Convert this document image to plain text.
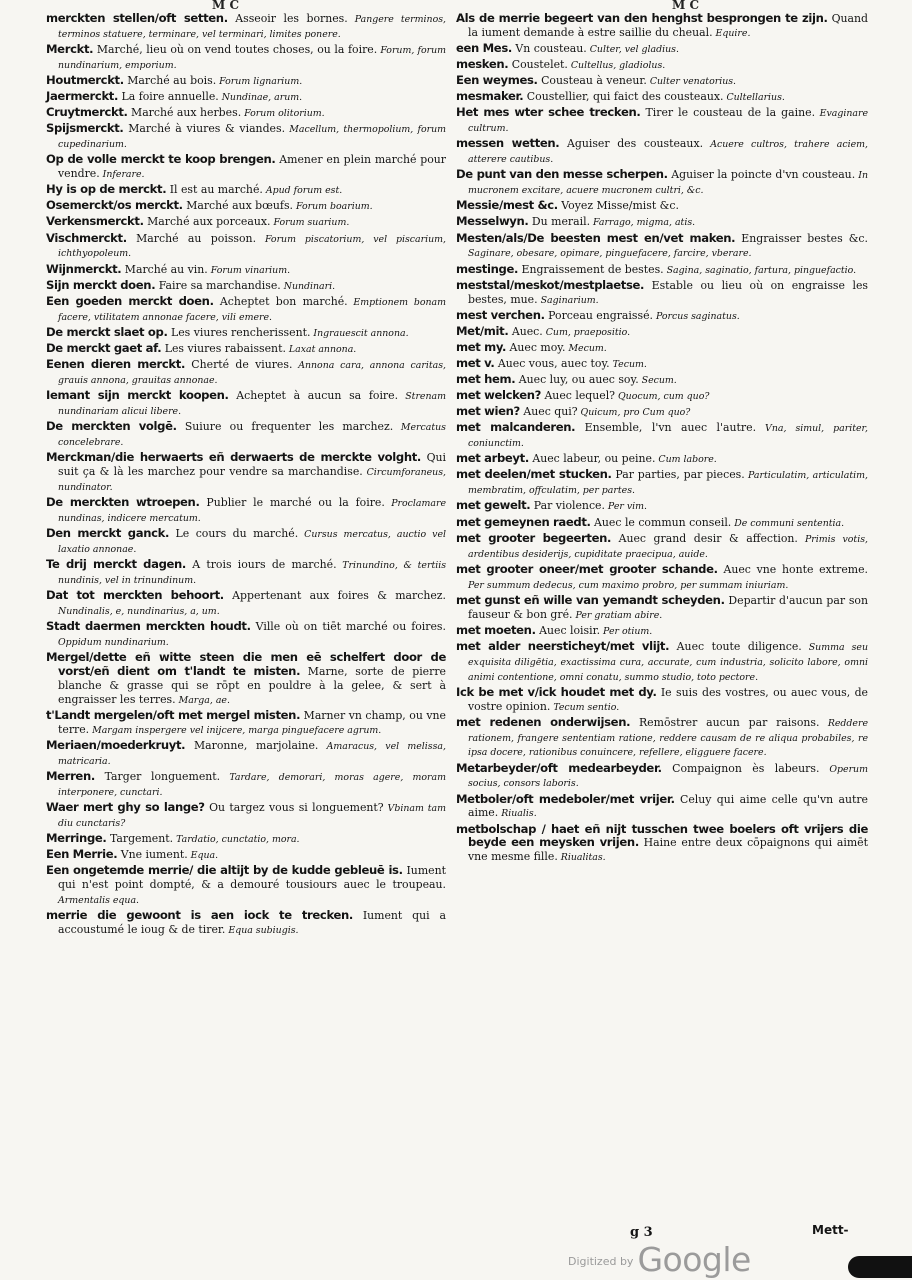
M C	M C

merckten stellen/oft setten. Asseoir les bornes. Pangere terminos, terminos statuere, terminare, vel terminari, limites ponere.

Merckt. Marché, lieu où on vend toutes choses, ou la foire. Forum, forum nundinarium, emporium.

Houtmerckt. Marché au bois. Forum lignarium.

Jaermerckt. La foire annuelle. Nundinae, arum.

Cruytmerckt. Marché aux herbes. Forum olitorium.

Spijsmerckt. Marché à viures & viandes. Macellum, thermopolium, forum cupedinarium.

Op de volle merckt te koop brengen. Amener en plein marché pour vendre. Inferare.

Hy is op de merckt. Il est au marché. Apud forum est.

Osemerckt/os merckt. Marché aux bœufs. Forum boarium.

Verkensmerckt. Marché aux porceaux. Forum suarium.

Vischmerckt. Marché au poisson. Forum piscatorium, vel piscarium, ichthyopoleum.

Wijnmerckt. Marché au vin. Forum vinarium.

Sijn merckt doen. Faire sa marchandise. Nundinari.

Een goeden merckt doen. Acheptet bon marché. Emptionem bonam facere, vtilitatem annonae facere, vili emere.

De merckt slaet op. Les viures rencherissent. Ingrauescit annona.

De merckt gaet af. Les viures rabaissent. Laxat annona.

Eenen dieren merckt. Cherté de viures. Annona cara, annona caritas, grauis annona, grauitas annonae.

Iemant sijn merckt koopen. Acheptet à aucun sa foire. Strenam nundinariam alicui libere.

De merckten volgē. Suiure ou frequenter les marchez. Mercatus concelebrare.

Merckman/die herwaerts eñ derwaerts de merckte volght. Qui suit ça & là les marchez pour vendre sa marchandise. Circumforaneus, nundinator.

De merckten wtroepen. Publier le marché ou la foire. Proclamare nundinas, indicere mercatum.

Den merckt ganck. Le cours du marché. Cursus mercatus, auctio vel laxatio annonae.

Te drij merckt dagen. A trois iours de marché. Trinundino, & tertiis nundinis, vel in trinundinum.

Dat tot merckten behoort. Appertenant aux foires & marchez. Nundinalis, e, nundinarius, a, um.

Stadt daermen merckten houdt. Ville où on tiēt marché ou foires. Oppidum nundinarium.

Mergel/dette eñ witte steen die men eē schelfert door de vorst/eñ dient om t'landt te misten. Marne, sorte de pierre blanche & grasse qui se rōpt en pouldre à la gelee, & sert à engraisser les terres. Marga, ae.

t'Landt mergelen/oft met mergel misten. Marner vn champ, ou vne terre. Margam inspergere vel inijcere, marga pinguefacere agrum.

Meriaen/moederkruyt. Maronne, marjolaine. Amaracus, vel melissa, matricaria.

Merren. Targer longuement. Tardare, demorari, moras agere, moram interponere, cunctari.

Waer mert ghy so lange? Ou targez vous si longuement? Vbinam tam diu cunctaris?

Merringe. Targement. Tardatio, cunctatio, mora.

Een Merrie. Vne iument. Equa.

Een ongetemde merrie/ die altijt by de kudde gebleuē is. Iument qui n'est point dompté, & a demouré tousiours auec le troupeau. Armentalis equa.

merrie die gewoont is aen iock te trecken. Iument qui a accoustumé le ioug & de tirer. Equa subiugis.

Als de merrie begeert van den henghst besprongen te zijn. Quand la iument demande à estre saillie du cheual. Equire.

een Mes. Vn cousteau. Culter, vel gladius.

mesken. Coustelet. Cultellus, gladiolus.

Een weymes. Cousteau à veneur. Culter venatorius.

mesmaker. Coustellier, qui faict des cousteaux. Cultellarius.

Het mes wter schee trecken. Tirer le cousteau de la gaine. Evaginare cultrum.

messen wetten. Aguiser des cousteaux. Acuere cultros, trahere aciem, atterere cautibus.

De punt van den messe scherpen. Aguiser la poincte d'vn cousteau. In mucronem excitare, acuere mucronem cultri, &c.

Messie/mest &c. Voyez Misse/mist &c.

Messelwyn. Du merail. Farrago, migma, atis.

Mesten/als/De beesten mest en/vet maken. Engraisser bestes &c. Saginare, obesare, opimare, pinguefacere, farcire, vberare.

mestinge. Engraissement de bestes. Sagina, saginatio, fartura, pinguefactio.

meststal/meskot/mestplaetse. Estable ou lieu où on engraisse les bestes, mue. Saginarium.

mest verchen. Porceau engraissé. Porcus saginatus.

Met/mit. Auec. Cum, praepositio.

met my. Auec moy. Mecum.

met v. Auec vous, auec toy. Tecum.

met hem. Auec luy, ou auec soy. Secum.

met welcken? Auec lequel? Quocum, cum quo?

met wien? Auec qui? Quicum, pro Cum quo?

met malcanderen. Ensemble, l'vn auec l'autre. Vna, simul, pariter, coniunctim.

met arbeyt. Auec labeur, ou peine. Cum labore.

met deelen/met stucken. Par parties, par pieces. Particulatim, articulatim, membratim, offculatim, per partes.

met gewelt. Par violence. Per vim.

met gemeynen raedt. Auec le commun conseil. De communi sententia.

met grooter begeerten. Auec grand desir & affection. Primis votis, ardentibus desiderijs, cupiditate praecipua, auide.

met grooter oneer/met grooter schande. Auec vne honte extreme. Per summum dedecus, cum maximo probro, per summam iniuriam.

met gunst eñ wille van yemandt scheyden. Departir d'aucun par son fauseur & bon gré. Per gratiam abire.

met moeten. Auec loisir. Per otium.

met alder neersticheyt/met vlijt. Auec toute diligence. Summa seu exquisita diligētia, exactissima cura, accurate, cum industria, solicito labore, omni animi contentione, omni conatu, summo studio, toto pectore.

Ick be met v/ick houdet met dy. Ie suis des vostres, ou auec vous, de vostre opinion. Tecum sentio.

met redenen onderwijsen. Remōstrer aucun par raisons. Reddere rationem, frangere sententiam ratione, reddere causam de re aliqua probabiles, re ipsa docere, rationibus conuincere, refellere, eligguere facere.

Metarbeyder/oft medearbeyder. Compaignon ès labeurs. Operum socius, consors laboris.

Metboler/oft medeboler/met vrijer. Celuy qui aime celle qu'vn autre aime. Riualis.

metbolschap / haet eñ nijt tusschen twee boelers oft vrijers die beyde een meysken vrijen. Haine entre deux cōpaignons qui aimēt vne mesme fille. Riualitas.

g 3	Mett-
$^{Digitized by}$ Google
